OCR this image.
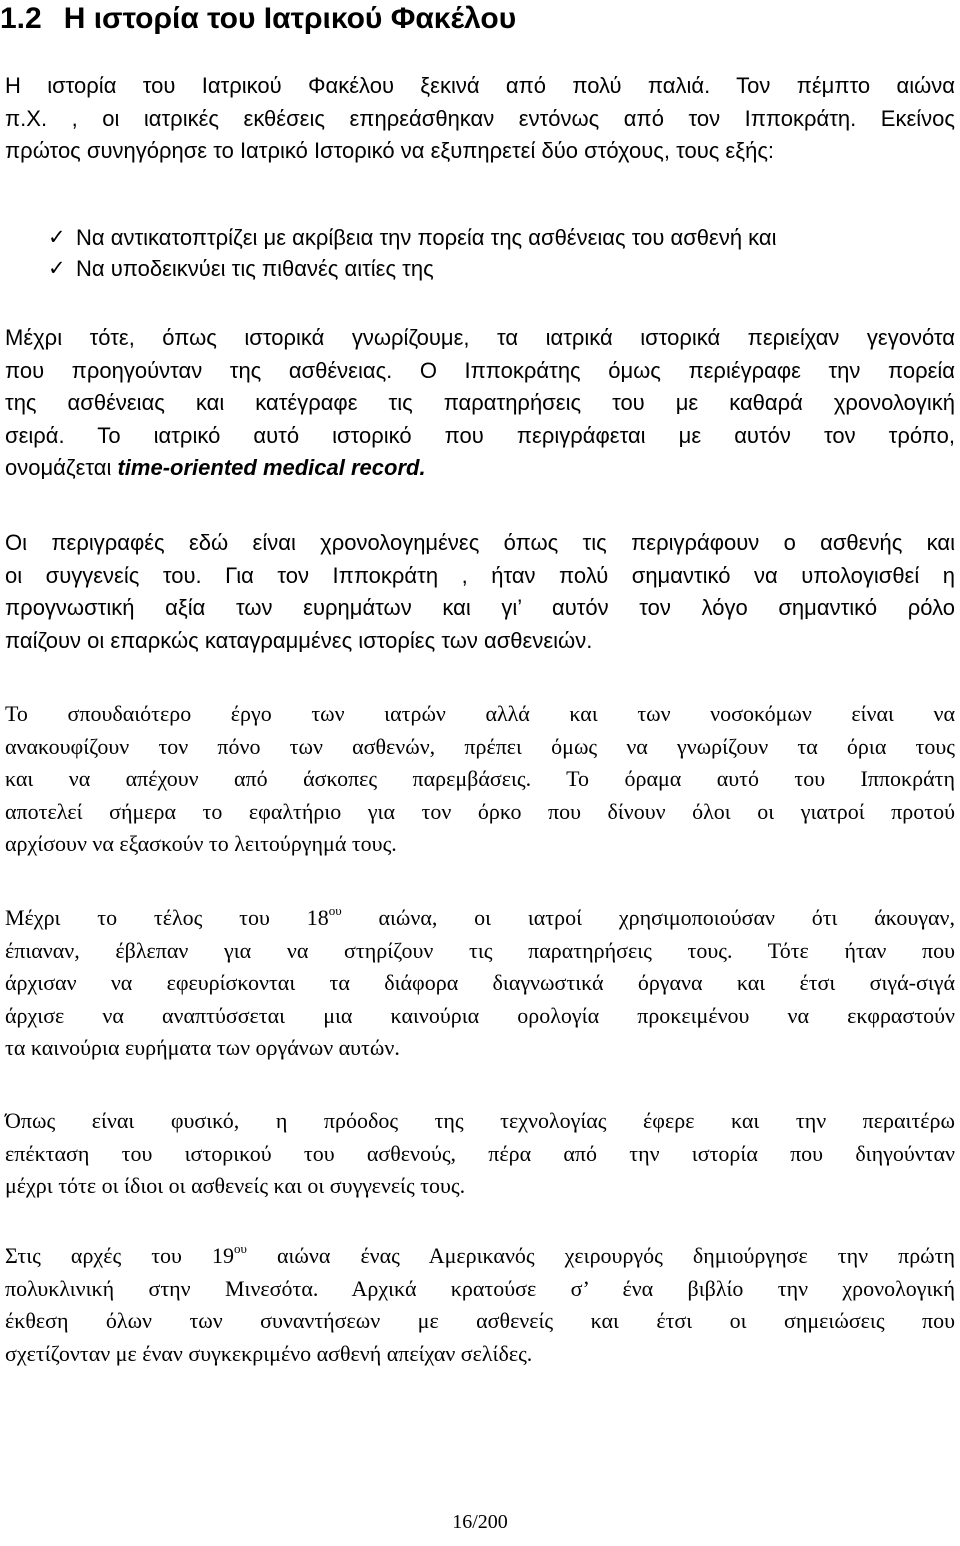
1.2 Η ιστορία του Ιατρικού Φακέλου

Η ιστορία του Ιατρικού Φακέλου ξεκινά από πολύ παλιά. Τον πέμπτο αιώνα
π.Χ. , οι ιατρικές εκθέσεις επηρεάσθηκαν εντόνως από τον Ιπποκράτη. Εκείνος
πρώτος συνηγόρησε το Ιατρικό Ιστορικό να εξυπηρετεί δύο στόχους, τους εξής:

✓ Να αντικατοπτρίζει με ακρίβεια την πορεία της ασθένειας του ασθενή και
✓ Να υποδεικνύει τις πιθανές αιτίες της

Μέχρι τότε, όπως ιστορικά γνωρίζουμε, τα ιατρικά ιστορικά περιείχαν γεγονότα
που προηγούνταν της ασθένειας. Ο Ιπποκράτης όμως περιέγραφε την πορεία
της ασθένειας και κατέγραφε τις παρατηρήσεις του με καθαρά χρονολογική
σειρά. Το ιατρικό αυτό ιστορικό που περιγράφεται με αυτόν τον τρόπο,
ονομάζεται time-oriented medical record.

Οι περιγραφές εδώ είναι χρονολογημένες όπως τις περιγράφουν ο ασθενής και
οι συγγενείς του. Για τον Ιπποκράτη , ήταν πολύ σημαντικό να υπολογισθεί η
προγνωστική αξία των ευρημάτων και γι’ αυτόν τον λόγο σημαντικό ρόλο
παίζουν οι επαρκώς καταγραμμένες ιστορίες των ασθενειών.

Το σπουδαιότερο έργο των ιατρών αλλά και των νοσοκόμων είναι να
ανακουφίζουν τον πόνο των ασθενών, πρέπει όμως να γνωρίζουν τα όρια τους
και να απέχουν από άσκοπες παρεμβάσεις. Το όραμα αυτό του Ιπποκράτη
αποτελεί σήμερα το εφαλτήριο για τον όρκο που δίνουν όλοι οι γιατροί προτού
αρχίσουν να εξασκούν το λειτούργημά τους.

Μέχρι το τέλος του $18^{o\upsilon}$ αιώνα, οι ιατροί χρησιμοποιούσαν ότι άκουγαν,
έπιαναν, έβλεπαν για να στηρίζουν τις παρατηρήσεις τους. Τότε ήταν που
άρχισαν να εφευρίσκονται τα διάφορα διαγνωστικά όργανα και έτσι σιγά-σιγά
άρχισε να αναπτύσσεται μια καινούρια ορολογία προκειμένου να εκφραστούν
τα καινούρια ευρήματα των οργάνων αυτών.

Όπως είναι φυσικό, η πρόοδος της τεχνολογίας έφερε και την περαιτέρω
επέκταση του ιστορικού του ασθενούς, πέρα από την ιστορία που διηγούνταν
μέχρι τότε οι ίδιοι οι ασθενείς και οι συγγενείς τους.

Στις αρχές του $19^{o\upsilon}$ αιώνα ένας Αμερικανός χειρουργός δημιούργησε την πρώτη
πολυκλινική στην Μινεσότα. Αρχικά κρατούσε σ’ ένα βιβλίο την χρονολογική
έκθεση όλων των συναντήσεων με ασθενείς και έτσι οι σημειώσεις που
σχετίζονταν με έναν συγκεκριμένο ασθενή απείχαν σελίδες.

16/200
